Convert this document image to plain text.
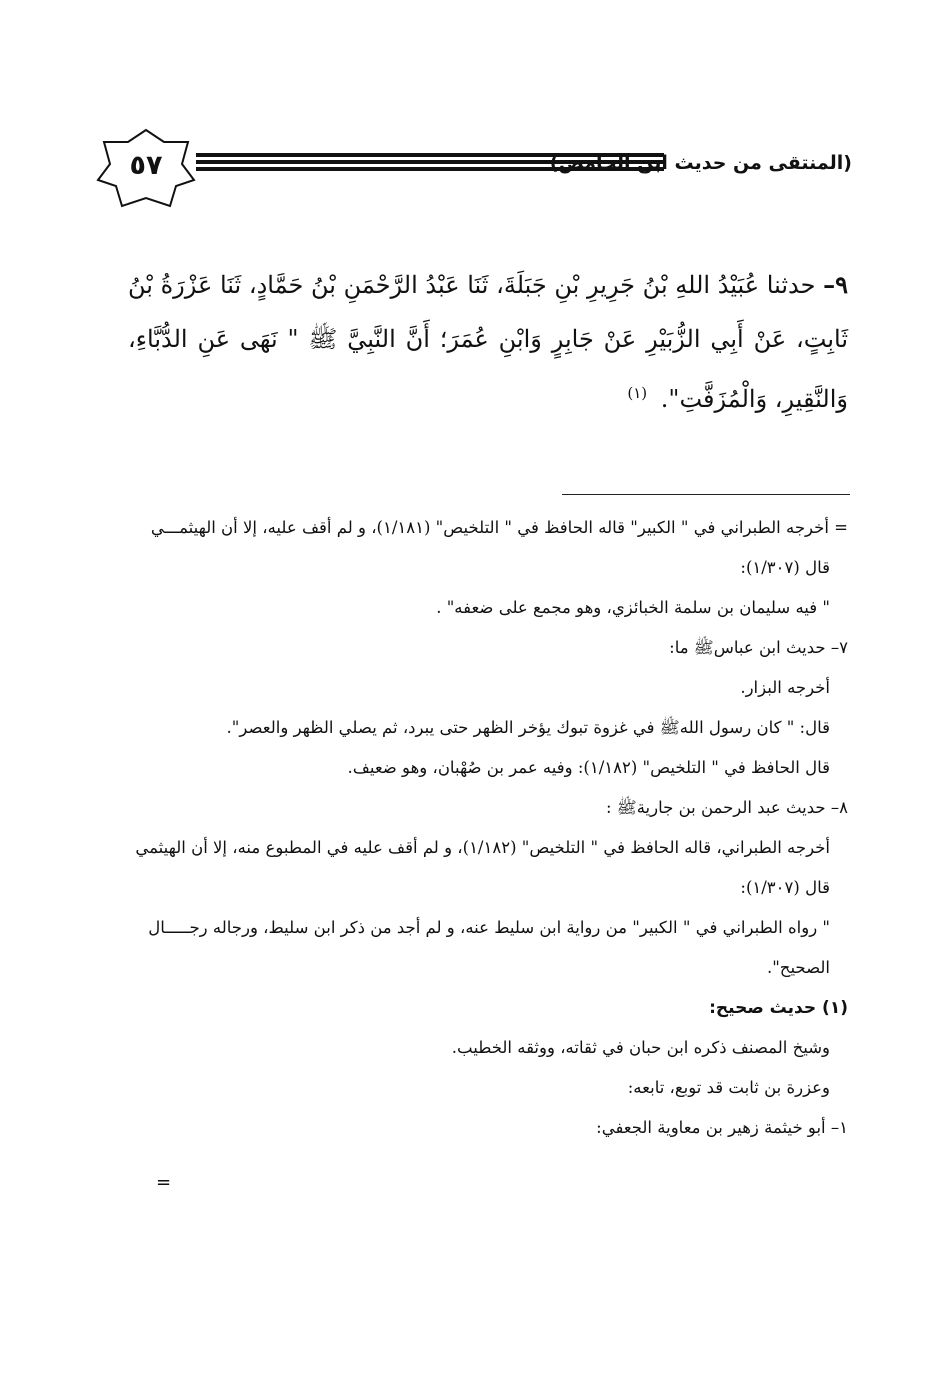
٥٧	(المنتقى من حديث ابن الحامض)
٩– حدثنا عُبَيْدُ اللهِ بْنُ جَرِيرِ بْنِ جَبَلَةَ، ثَنَا عَبْدُ الرَّحْمَنِ بْنُ حَمَّادٍ، ثَنَا عَزْرَةُ بْنُ ثَابِتٍ، عَنْ أَبِي الزُّبَيْرِ عَنْ جَابِرٍ وَابْنِ عُمَرَ؛ أَنَّ النَّبِيَّ ﷺ " نَهَى عَنِ الدُّبَّاءِ، وَالنَّقِيرِ، وَالْمُزَفَّتِ". $^{(١)}$
= أخرجه الطبراني في " الكبير" قاله الحافظ في " التلخيص" (١/١٨١)، و لم أقف عليه، إلا أن الهيثمـــي
قال (١/٣٠٧):
" فيه سليمان بن سلمة الخبائزي، وهو مجمع على ضعفه" .
٧– حديث ابن عباسﷺ ما:
أخرجه البزار.
قال: " كان رسول اللهﷺ في غزوة تبوك يؤخر الظهر حتى يبرد، ثم يصلي الظهر والعصر".
قال الحافظ في " التلخيص" (١/١٨٢): وفيه عمر بن صُهْبان، وهو ضعيف.
٨– حديث عبد الرحمن بن جاريةﷺ :
أخرجه الطبراني، قاله الحافظ في " التلخيص" (١/١٨٢)، و لم أقف عليه في المطبوع منه، إلا أن الهيثمي
قال (١/٣٠٧):
" رواه الطبراني في " الكبير" من رواية ابن سليط عنه، و لم أجد من ذكر ابن سليط، ورجاله رجـــــال
الصحيح".
(١) حديث صحيح:
وشيخ المصنف ذكره ابن حبان في ثقاته، ووثقه الخطيب.
وعزرة بن ثابت قد توبع، تابعه:
١– أبو خيثمة زهير بن معاوية الجعفي:
=
